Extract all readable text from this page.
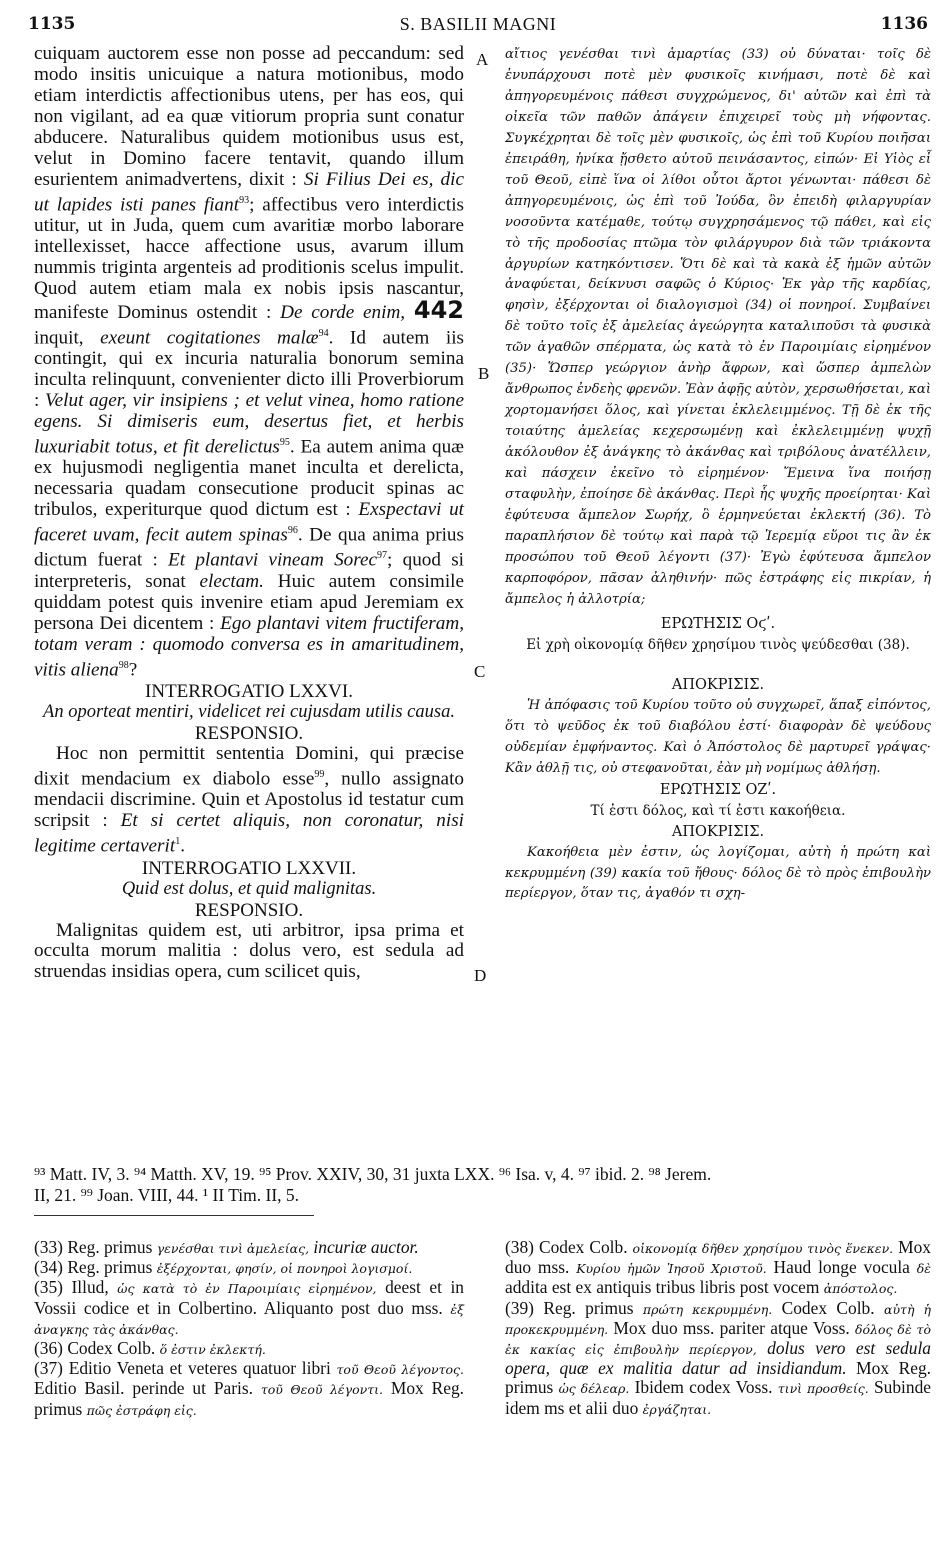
1135	S. BASILII MAGNI	1136
A
B
C
D

cuiquam auctorem esse non posse ad peccandum: sed modo insitis unicuique a natura motionibus, modo etiam interdictis affectionibus utens, per has eos, qui non vigilant, ad ea quæ vitiorum propria sunt conatur abducere. Naturalibus quidem motionibus usus est, velut in Domino facere tentavit, quando illum esurientem animadvertens, dixit : Si Filius Dei es, dic ut lapides isti panes fiant$^{93}$; affectibus vero interdictis utitur, ut in Juda, quem cum avaritiæ morbo laborare intellexisset, hacce affectione usus, avarum illum nummis triginta argenteis ad proditionis scelus impulit. Quod autem etiam mala ex nobis ipsis nascantur, manifeste Dominus ostendit : De corde enim, 442 inquit, exeunt cogitationes malæ$^{94}$. Id autem iis contingit, qui ex incuria naturalia bonorum semina inculta relinquunt, convenienter dicto illi Proverbiorum : Velut ager, vir insipiens ; et velut vinea, homo ratione egens. Si dimiseris eum, desertus fiet, et herbis luxuriabit totus, et fit derelictus$^{95}$. Ea autem anima quæ ex hujusmodi negligentia manet inculta et derelicta, necessaria quadam consecutione producit spinas ac tribulos, experiturque quod dictum est : Exspectavi ut faceret uvam, fecit autem spinas$^{96}$. De qua anima prius dictum fuerat : Et plantavi vineam Sorec$^{97}$; quod si interpreteris, sonat electam. Huic autem consimile quiddam potest quis invenire etiam apud Jeremiam ex persona Dei dicentem : Ego plantavi vitem fructiferam, totam veram : quomodo conversa es in amaritudinem, vitis aliena$^{98}$?

INTERROGATIO LXXVI.

An oporteat mentiri, videlicet rei cujusdam utilis causa.

RESPONSIO.

Hoc non permittit sententia Domini, qui præcise dixit mendacium ex diabolo esse$^{99}$, nullo assignato mendacii discrimine. Quin et Apostolus id testatur cum scripsit : Et si certet aliquis, non coronatur, nisi legitime certaverit$^1$.

INTERROGATIO LXXVII.

Quid est dolus, et quid malignitas.

RESPONSIO.

Malignitas quidem est, uti arbitror, ipsa prima et occulta morum malitia : dolus vero, est sedula ad struendas insidias opera, cum scilicet quis,

αἴτιος γενέσθαι τινὶ ἁμαρτίας (33) οὐ δύναται· τοῖς δὲ ἐνυπάρχουσι ποτὲ μὲν φυσικοῖς κινήμασι, ποτὲ δὲ καὶ ἀπηγορευμένοις πάθεσι συγχρώμενος, δι' αὐτῶν καὶ ἐπὶ τὰ οἰκεῖα τῶν παθῶν ἀπάγειν ἐπιχειρεῖ τοὺς μὴ νήφοντας. Συγκέχρηται δὲ τοῖς μὲν φυσικοῖς, ὡς ἐπὶ τοῦ Κυρίου ποιῆσαι ἐπειράθη, ἡνίκα ᾔσθετο αὐτοῦ πεινάσαντος, εἰπών· Εἰ Υἱὸς εἶ τοῦ Θεοῦ, εἰπὲ ἵνα οἱ λίθοι οὗτοι ἄρτοι γένωνται· πάθεσι δὲ ἀπηγορευμένοις, ὡς ἐπὶ τοῦ Ἰούδα, ὃν ἐπειδὴ φιλαργυρίαν νοσοῦντα κατέμαθε, τούτῳ συγχρησάμενος τῷ πάθει, καὶ εἰς τὸ τῆς προδοσίας πτῶμα τὸν φιλάργυρον διὰ τῶν τριάκοντα ἀργυρίων κατηκόντισεν. Ὅτι δὲ καὶ τὰ κακὰ ἐξ ἡμῶν αὐτῶν ἀναφύεται, δείκνυσι σαφῶς ὁ Κύριος· Ἐκ γὰρ τῆς καρδίας, φησὶν, ἐξέρχονται οἱ διαλογισμοὶ (34) οἱ πονηροί. Συμβαίνει δὲ τοῦτο τοῖς ἐξ ἀμελείας ἀγεώργητα καταλιποῦσι τὰ φυσικὰ τῶν ἀγαθῶν σπέρματα, ὡς κατὰ τὸ ἐν Παροιμίαις εἰρημένον (35)· Ὥσπερ γεώργιον ἀνὴρ ἄφρων, καὶ ὥσπερ ἀμπελὼν ἄνθρωπος ἐνδεὴς φρενῶν. Ἐὰν ἀφῇς αὐτὸν, χερσωθήσεται, καὶ χορτομανήσει ὅλος, καὶ γίνεται ἐκλελειμμένος. Τῇ δὲ ἐκ τῆς τοιαύτης ἀμελείας κεχερσωμένῃ καὶ ἐκλελειμμένῃ ψυχῇ ἀκόλουθον ἐξ ἀνάγκης τὸ ἀκάνθας καὶ τριβόλους ἀνατέλλειν, καὶ πάσχειν ἐκεῖνο τὸ εἰρημένον· Ἔμεινα ἵνα ποιήσῃ σταφυλὴν, ἐποίησε δὲ ἀκάνθας. Περὶ ἧς ψυχῆς προείρηται· Καὶ ἐφύτευσα ἄμπελον Σωρήχ, ὃ ἑρμηνεύεται ἐκλεκτή (36). Τὸ παραπλήσιον δὲ τούτῳ καὶ παρὰ τῷ Ἱερεμίᾳ εὕροι τις ἂν ἐκ προσώπου τοῦ Θεοῦ λέγοντι (37)· Ἐγὼ ἐφύτευσα ἄμπελον καρποφόρον, πᾶσαν ἀληθινήν· πῶς ἐστράφης εἰς πικρίαν, ἡ ἄμπελος ἡ ἀλλοτρία;

ΕΡΩΤΗΣΙΣ Οϛʹ.

Εἰ χρὴ οἰκονομίᾳ δῆθεν χρησίμου τινὸς ψεύδεσθαι (38).

ΑΠΟΚΡΙΣΙΣ.

Ἡ ἀπόφασις τοῦ Κυρίου τοῦτο οὐ συγχωρεῖ, ἅπαξ εἰπόντος, ὅτι τὸ ψεῦδος ἐκ τοῦ διαβόλου ἐστί· διαφορὰν δὲ ψεύδους οὐδεμίαν ἐμφήναντος. Καὶ ὁ Ἀπόστολος δὲ μαρτυρεῖ γράψας· Κἂν ἀθλῇ τις, οὐ στεφανοῦται, ἐὰν μὴ νομίμως ἀθλήσῃ.

ΕΡΩΤΗΣΙΣ ΟΖʹ.

Τί ἐστι δόλος, καὶ τί ἐστι κακοήθεια.

ΑΠΟΚΡΙΣΙΣ.

Κακοήθεια μὲν ἐστιν, ὡς λογίζομαι, αὐτὴ ἡ πρώτη καὶ κεκρυμμένη (39) κακία τοῦ ἤθους· δόλος δὲ τὸ πρὸς ἐπιβουλὴν περίεργον, ὅταν τις, ἀγαθόν τι σχη-

⁹³ Matt. IV, 3. ⁹⁴ Matth. XV, 19. ⁹⁵ Prov. XXIV, 30, 31 juxta LXX. ⁹⁶ Isa. v, 4. ⁹⁷ ibid. 2. ⁹⁸ Jerem.
II, 21. ⁹⁹ Joan. VIII, 44. ¹ II Tim. II, 5.

(33) Reg. primus γενέσθαι τινὶ ἀμελείας, incuriæ auctor.

(34) Reg. primus ἐξέρχονται, φησίν, οἱ πονηροὶ λογισμοί.

(35) Illud, ὡς κατὰ τὸ ἐν Παροιμίαις εἰρημένον, deest et in Vossii codice et in Colbertino. Aliquanto post duo mss. ἐξ ἀναγκης τὰς ἀκάνθας.

(36) Codex Colb. ὅ ἐστιν ἐκλεκτή.

(37) Editio Veneta et veteres quatuor libri τοῦ Θεοῦ λέγοντος. Editio Basil. perinde ut Paris. τοῦ Θεοῦ λέγοντι. Mox Reg. primus πῶς ἐστράφη εἰς.

(38) Codex Colb. οἰκονομίᾳ δῆθεν χρησίμου τινὸς ἕνεκεν. Mox duo mss. Κυρίου ἡμῶν Ἰησοῦ Χριστοῦ. Haud longe vocula δὲ addita est ex antiquis tribus libris post vocem ἀπόστολος.

(39) Reg. primus πρώτη κεκρυμμένη. Codex Colb. αὐτὴ ἡ προκεκρυμμένη. Mox duo mss. pariter atque Voss. δόλος δὲ τὸ ἐκ κακίας εἰς ἐπιβουλὴν περίεργον, dolus vero est sedula opera, quæ ex malitia datur ad insidiandum. Mox Reg. primus ὡς δέλεαρ. Ibidem codex Voss. τινὶ προσθείς. Subinde idem ms et alii duo ἐργάζηται.
